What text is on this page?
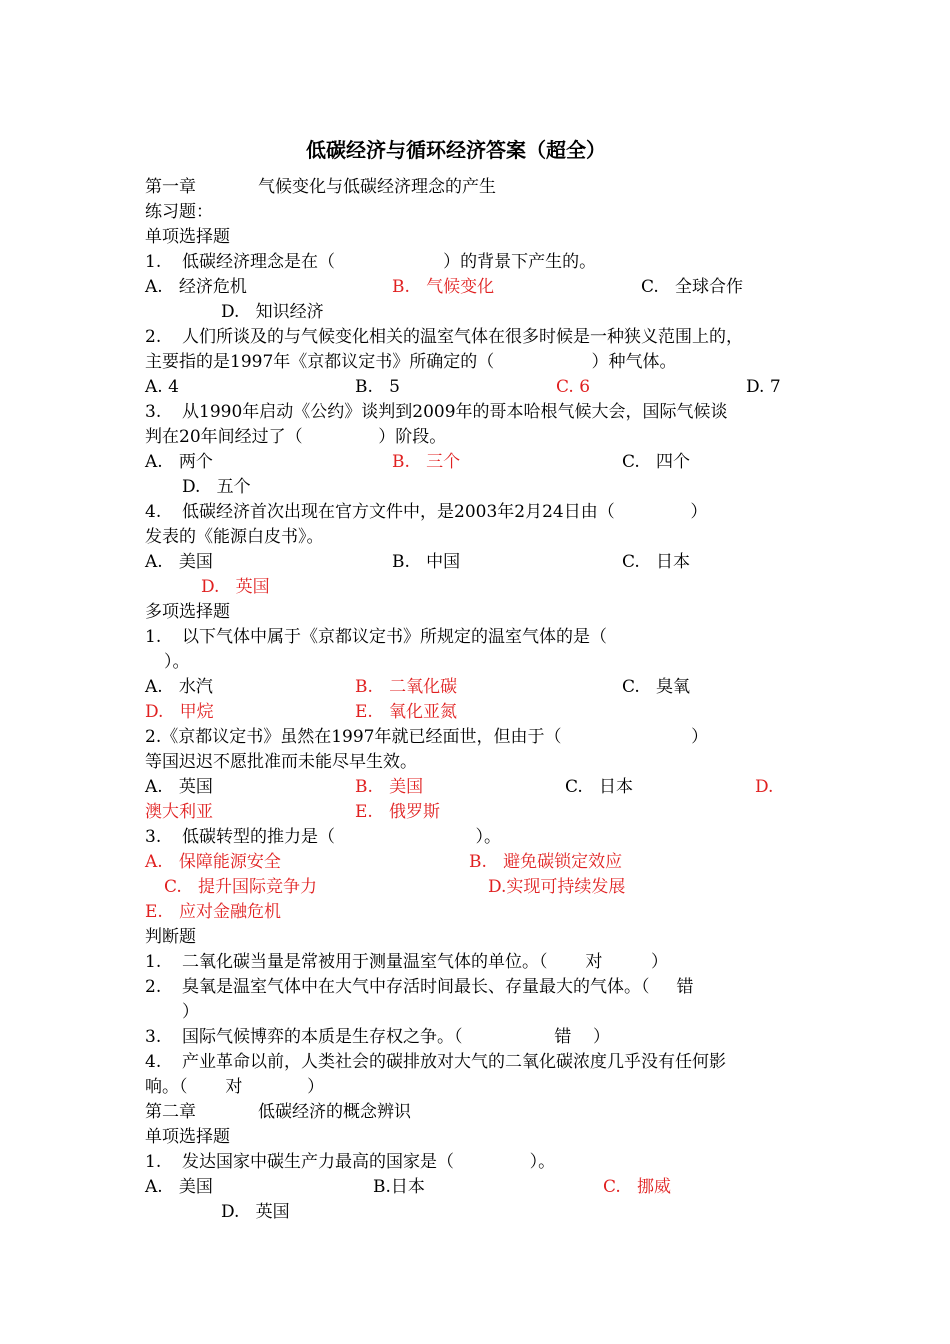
低碳经济与循环经济答案（超全）
第一章	气候变化与低碳经济理念的产生
练习题：
单项选择题
1. 低碳经济理念是在（                    ）的背景下产生的。
A.   经济危机	B.   气候变化	C.   全球合作
D.   知识经济
2. 人们所谈及的与气候变化相关的温室气体在很多时候是一种狭义范围上的，
主要指的是1997年《京都议定书》所确定的（                  ）种气体。
A. 4	B.   5	C. 6	D. 7
3. 从1990年启动《公约》谈判到2009年的哥本哈根气候大会，国际气候谈
判在20年间经过了（              ）阶段。
A.   两个	B.   三个	C.   四个
D.   五个
4. 低碳经济首次出现在官方文件中，是2003年2月24日由（              ）
发表的《能源白皮书》。
A.   美国	B.   中国	C.   日本
D.   英国
多项选择题
1. 以下气体中属于《京都议定书》所规定的温室气体的是（
）。
A.   水汽	B.   二氧化碳	C.   臭氧
D.   甲烷	E.   氧化亚氮
2.《京都议定书》虽然在1997年就已经面世，但由于（                        ）
等国迟迟不愿批准而未能尽早生效。
A.   英国	B.   美国	C.   日本	D.
澳大利亚	E.   俄罗斯
3. 低碳转型的推力是（                          ）。
A.   保障能源安全	B.   避免碳锁定效应
C.   提升国际竞争力	D.实现可持续发展
E.   应对金融危机
判断题
1. 二氧化碳当量是常被用于测量温室气体的单位。（       对         ）
2. 臭氧是温室气体中在大气中存活时间最长、存量最大的气体。（     错
）
3. 国际气候博弈的本质是生存权之争。（                 错    ）
4. 产业革命以前，人类社会的碳排放对大气的二氧化碳浓度几乎没有任何影
响。（       对            ）
第二章	低碳经济的概念辨识
单项选择题
1. 发达国家中碳生产力最高的国家是（              ）。
A.   美国	B.日本	C.   挪威
D.   英国
